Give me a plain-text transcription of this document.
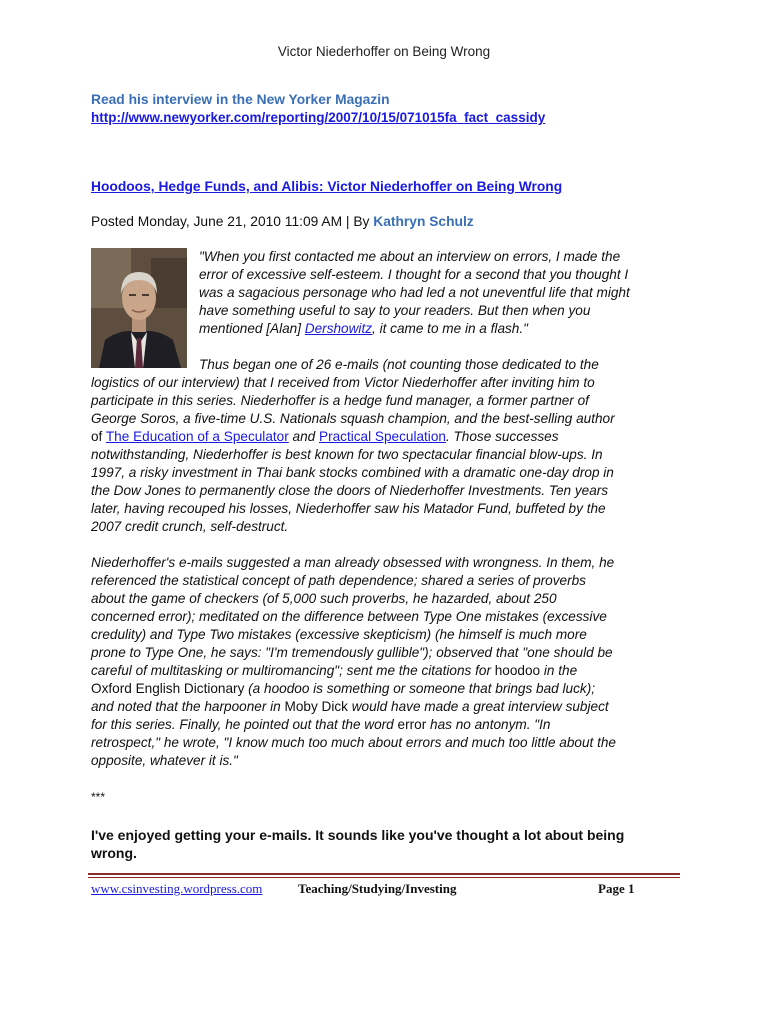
Victor Niederhoffer on Being Wrong
Read his interview in the New Yorker Magazin
http://www.newyorker.com/reporting/2007/10/15/071015fa_fact_cassidy
Hoodoos, Hedge Funds, and Alibis: Victor Niederhoffer on Being Wrong
Posted Monday, June 21, 2010 11:09 AM | By Kathryn Schulz
"When you first contacted me about an interview on errors, I made the
error of excessive self-esteem. I thought for a second that you thought I
was a sagacious personage who had led a not uneventful life that might
have something useful to say to your readers. But then when you
mentioned [Alan] Dershowitz, it came to me in a flash."
Thus began one of 26 e-mails (not counting those dedicated to the
logistics of our interview) that I received from Victor Niederhoffer after inviting him to
participate in this series. Niederhoffer is a hedge fund manager, a former partner of
George Soros, a five-time U.S. Nationals squash champion, and the best-selling author
of The Education of a Speculator and Practical Speculation. Those successes
notwithstanding, Niederhoffer is best known for two spectacular financial blow-ups. In
1997, a risky investment in Thai bank stocks combined with a dramatic one-day drop in
the Dow Jones to permanently close the doors of Niederhoffer Investments. Ten years
later, having recouped his losses, Niederhoffer saw his Matador Fund, buffeted by the
2007 credit crunch, self-destruct.
Niederhoffer's e-mails suggested a man already obsessed with wrongness. In them, he
referenced the statistical concept of path dependence; shared a series of proverbs
about the game of checkers (of 5,000 such proverbs, he hazarded, about 250
concerned error); meditated on the difference between Type One mistakes (excessive
credulity) and Type Two mistakes (excessive skepticism) (he himself is much more
prone to Type One, he says: "I'm tremendously gullible"); observed that "one should be
careful of multitasking or multiromancing"; sent me the citations for hoodoo in the
Oxford English Dictionary (a hoodoo is something or someone that brings bad luck);
and noted that the harpooner in Moby Dick would have made a great interview subject
for this series. Finally, he pointed out that the word error has no antonym. "In
retrospect," he wrote, "I know much too much about errors and much too little about the
opposite, whatever it is."
***
I've enjoyed getting your e-mails. It sounds like you've thought a lot about being
wrong.
www.csinvesting.wordpress.com	Teaching/Studying/Investing	Page 1
